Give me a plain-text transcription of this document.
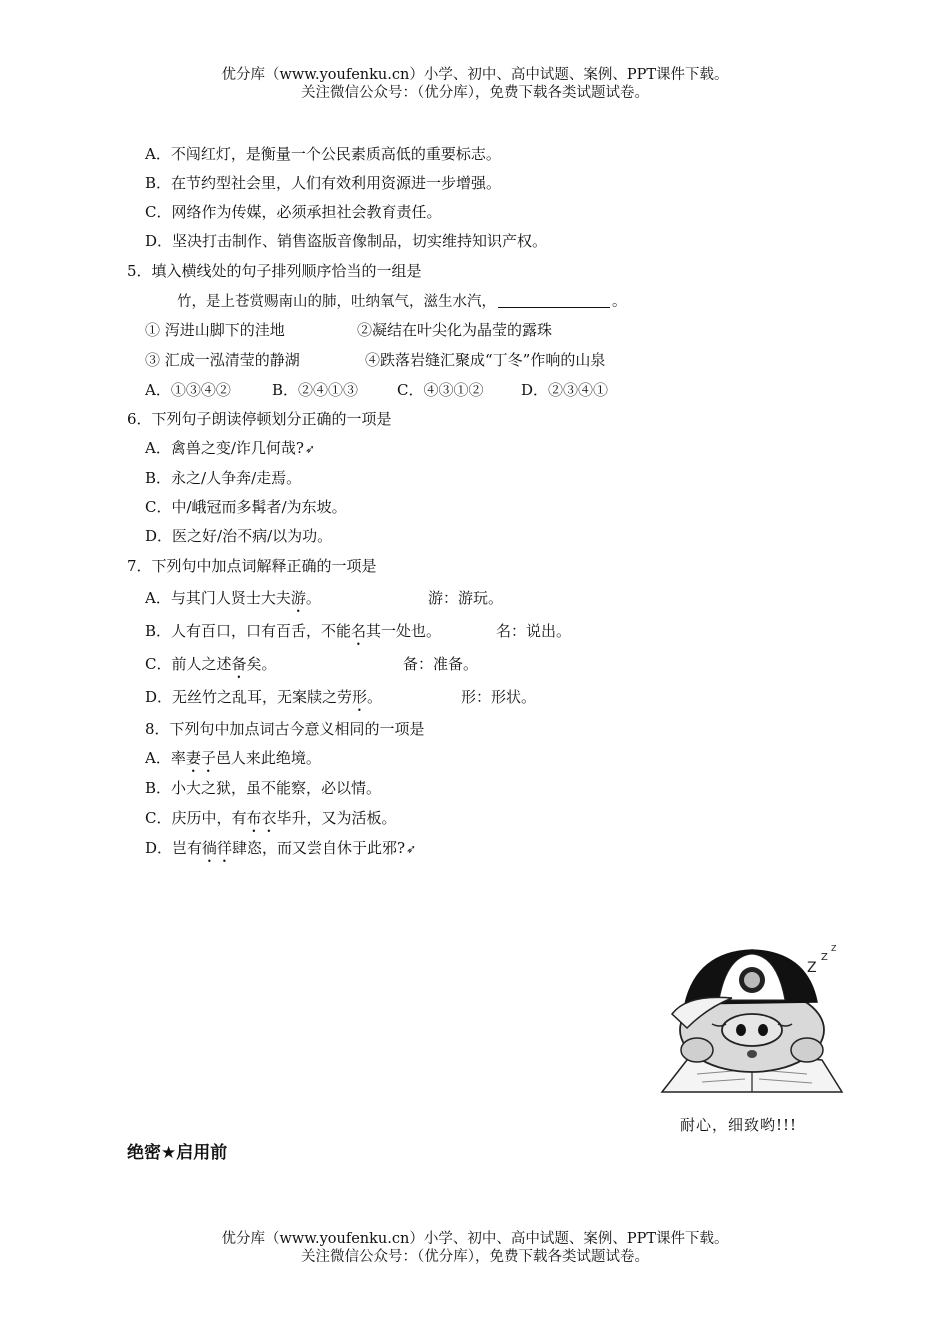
优分库（www.youfenku.cn）小学、初中、高中试题、案例、PPT课件下载。
关注微信公众号：（优分库），免费下载各类试题试卷。
A．不闯红灯，是衡量一个公民素质高低的重要标志。
B．在节约型社会里，人们有效利用资源进一步增强。
C．网络作为传媒，必须承担社会教育责任。
D．坚决打击制作、销售盗版音像制品，切实维持知识产权。
5．填入横线处的句子排列顺序恰当的一组是
竹，是上苍赏赐南山的肺，吐纳氧气，滋生水汽，	。
① 泻进山脚下的洼地	②凝结在叶尖化为晶莹的露珠
③ 汇成一泓清莹的静湖	④跌落岩缝汇聚成“丁冬”作响的山泉
A．①③④②	B．②④①③	C．④③①②	D．②③④①
6．下列句子朗读停顿划分正确的一项是
A．禽兽之变/诈几何哉?➶
B．永之/人争奔/走焉。
C．中/峨冠而多髯者/为东坡。
D．医之好/治不病/以为功。
7．下列句中加点词解释正确的一项是
A．与其门人贤士大夫游。	游：游玩。
B．人有百口，口有百舌，不能名其一处也。	名：说出。
C．前人之述备矣。	备：准备。
D．无丝竹之乱耳，无案牍之劳形。	形：形状。
8．下列句中加点词古今意义相同的一项是
A．率妻子邑人来此绝境。
B．小大之狱，虽不能察，必以情。
C．庆历中，有布衣毕升，又为活板。
D．岂有徜徉肆恣，而又尝自休于此邪?➶
Z
Z
Z
耐心，细致哟!!!
绝密★启用前
优分库（www.youfenku.cn）小学、初中、高中试题、案例、PPT课件下载。
关注微信公众号：（优分库），免费下载各类试题试卷。
